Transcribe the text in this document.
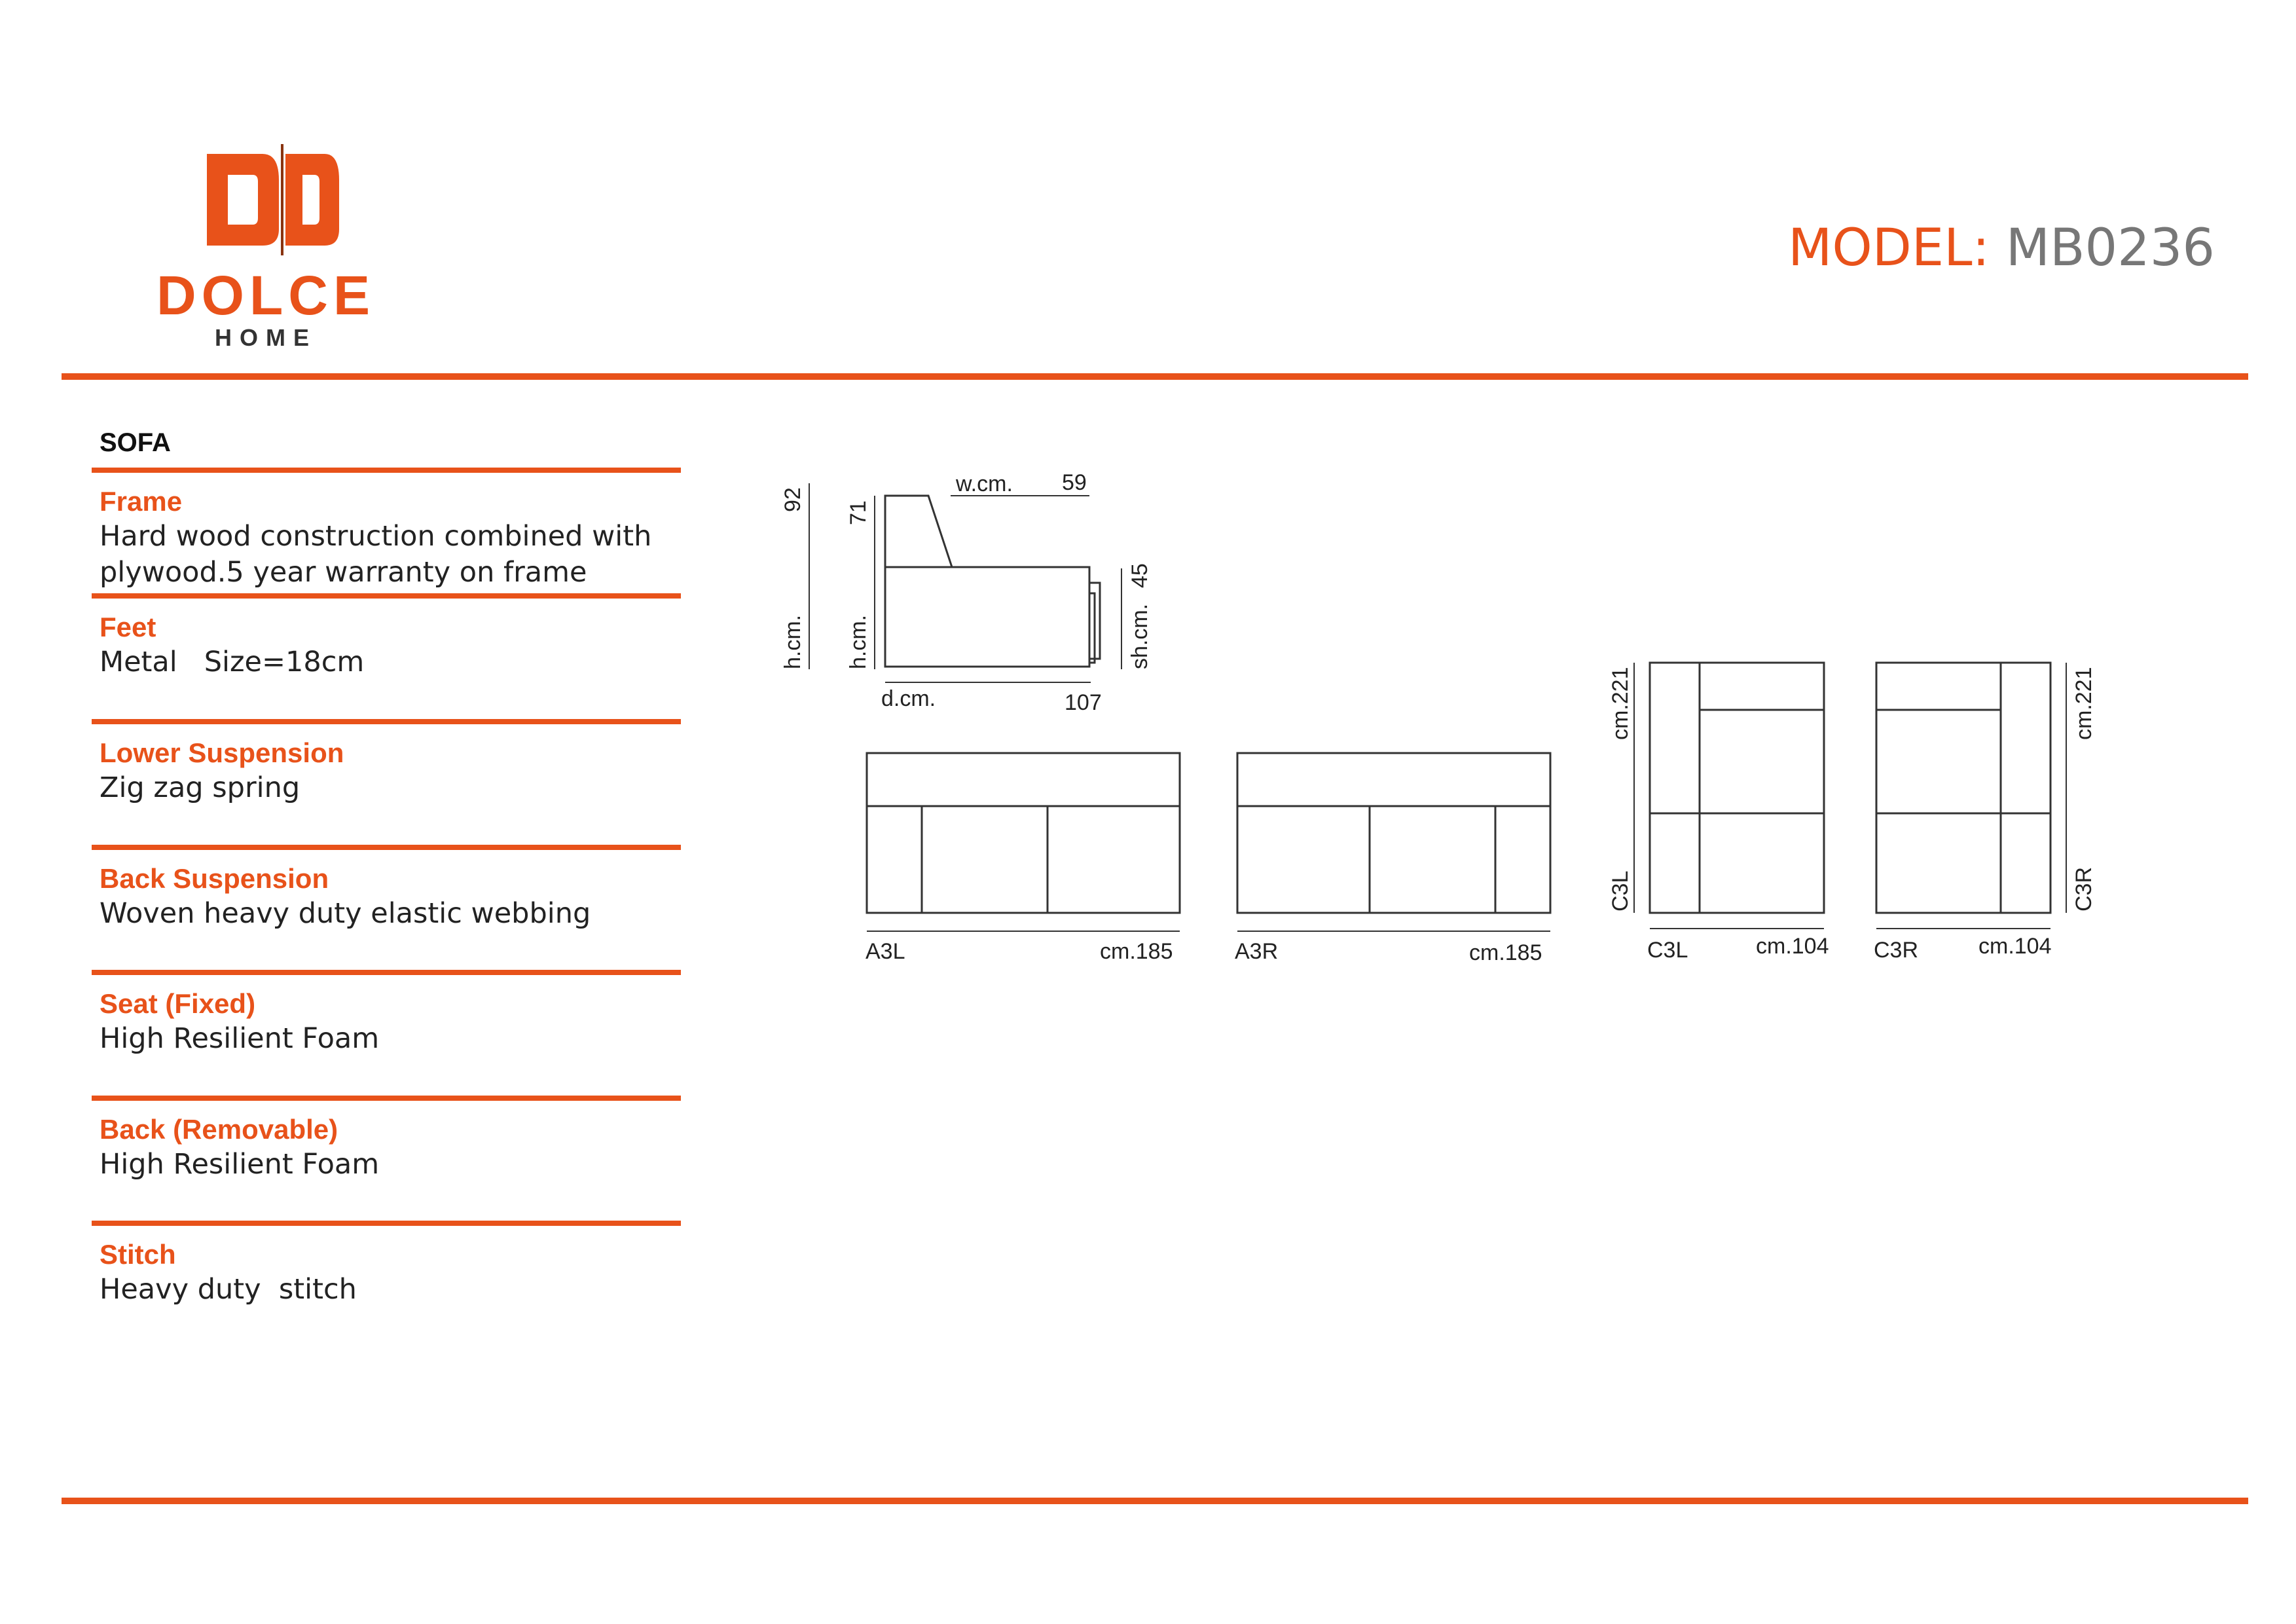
DOLCE
HOME
MODEL: MB0236
SOFA
Frame
Hard wood construction combined with
plywood.5 year warranty on frame
Feet
Metal   Size=18cm
Lower Suspension
Zig zag spring
Back Suspension
Woven heavy duty elastic webbing
Seat (Fixed)
High Resilient Foam
Back (Removable)
High Resilient Foam
Stitch
Heavy duty  stitch
92
h.cm.
71
h.cm.
w.cm. 59
45
sh.cm.
d.cm.	107
A3L	cm.185	A3R	cm.185	C3L	cm.104
cm.221
C3L
C3R	cm.104
cm.221
C3R
